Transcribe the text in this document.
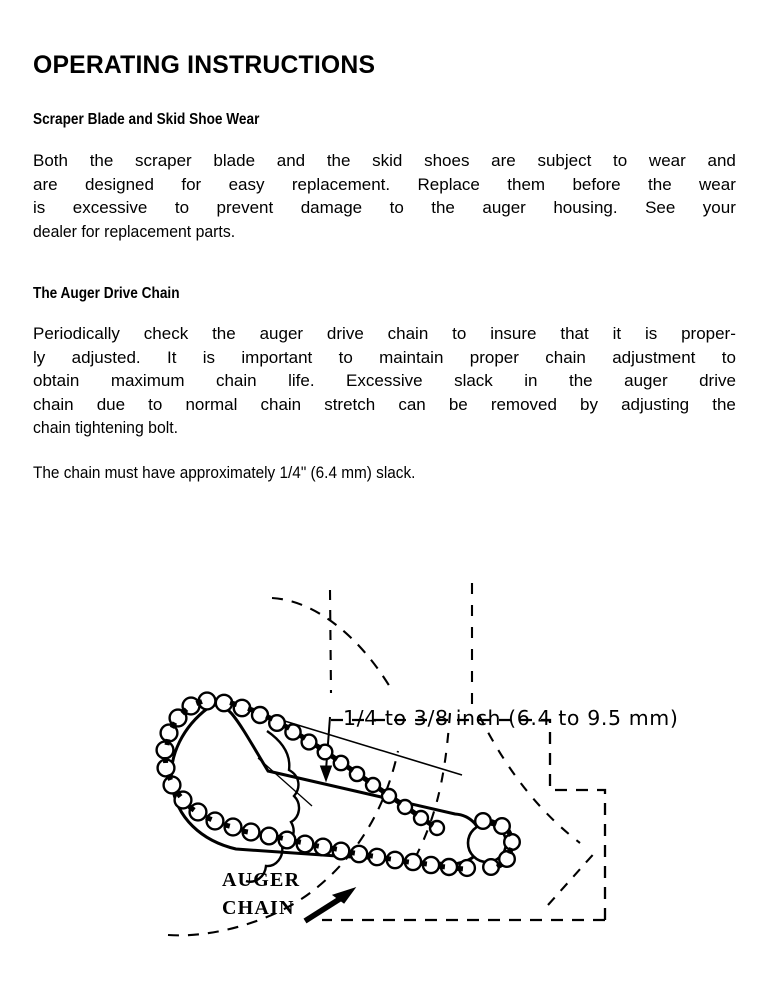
OPERATING INSTRUCTIONS
Scraper Blade and Skid Shoe Wear

Both the scraper blade and the skid shoes are subject to wear and
are designed for easy replacement. Replace them before the wear
is excessive to prevent damage to the auger housing. See your
dealer for replacement parts.

The Auger Drive Chain

Periodically check the auger drive chain to insure that it is proper-
ly adjusted. It is important to maintain proper chain adjustment to
obtain maximum chain life. Excessive slack in the auger drive
chain due to normal chain stretch can be removed by adjusting the
chain tightening bolt.

The chain must have approximately 1/4" (6.4 mm) slack.
1/4 to 3/8 inch (6.4 to 9.5 mm)
AUGER
CHAIN
